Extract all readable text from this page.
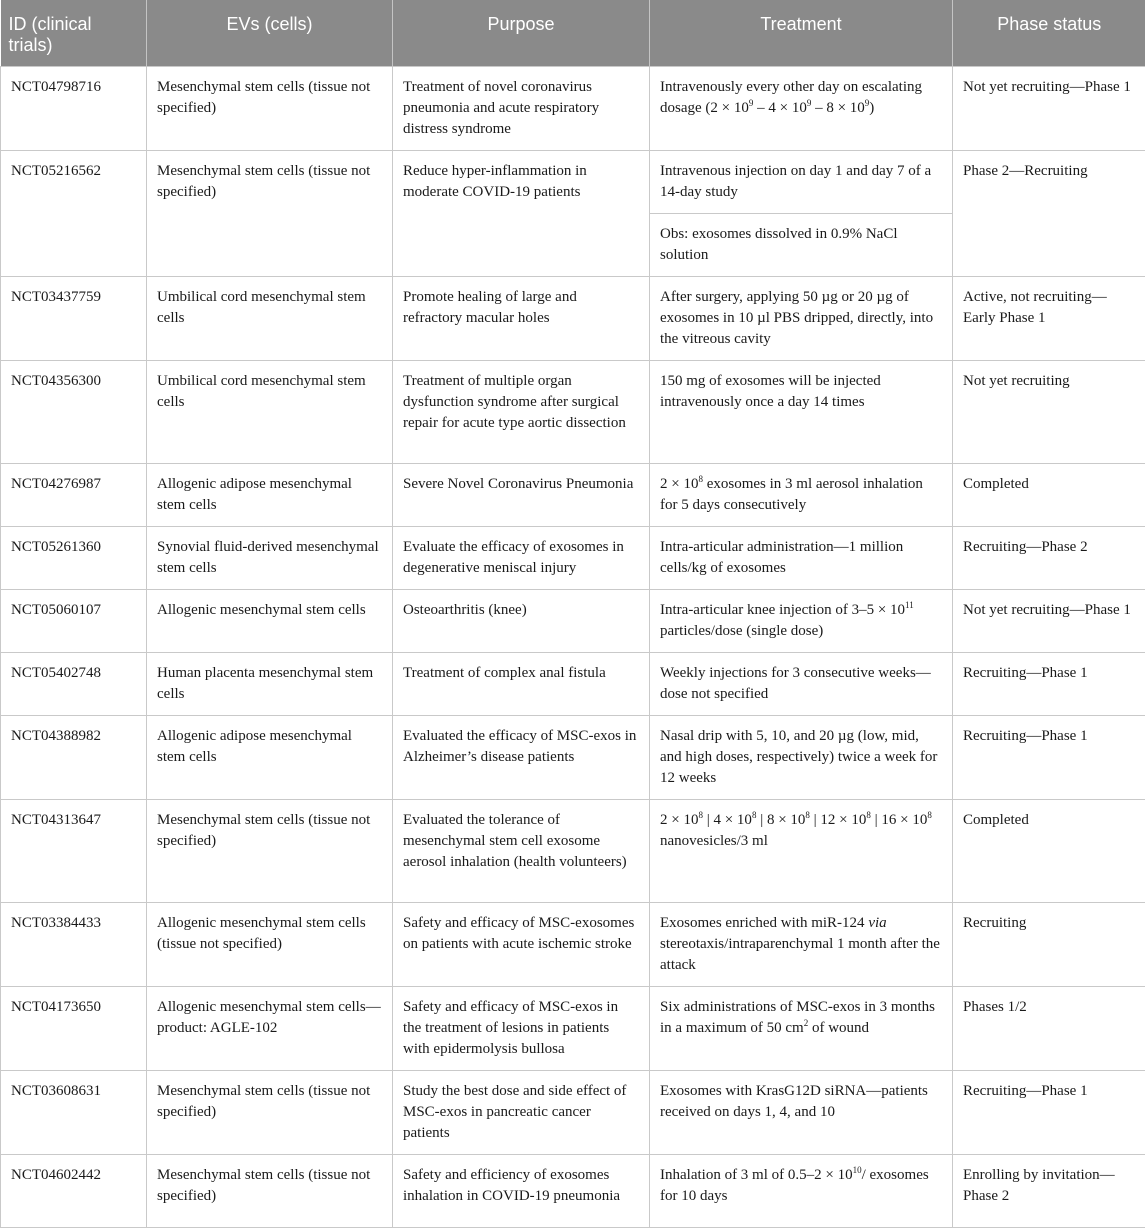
ID (clinical trials)	EVs (cells)	Purpose	Treatment	Phase status
NCT04798716	Mesenchymal stem cells (tissue not specified)	Treatment of novel coronavirus pneumonia and acute respiratory distress syndrome	Intravenously every other day on escalating dosage $(2 \times 10^9 - 4 \times 10^9 - 8 \times 10^9)$	Not yet recruiting—Phase 1
NCT05216562	Mesenchymal stem cells (tissue not specified)	Reduce hyper-inflammation in moderate COVID-19 patients	Intravenous injection on day 1 and day 7 of a 14-day study	Phase 2—Recruiting
			Obs: exosomes dissolved in 0.9% NaCl solution	
NCT03437759	Umbilical cord mesenchymal stem cells	Promote healing of large and refractory macular holes	After surgery, applying 50 µg or 20 µg of exosomes in 10 µl PBS dripped, directly, into the vitreous cavity	Active, not recruiting—Early Phase 1
NCT04356300	Umbilical cord mesenchymal stem cells	Treatment of multiple organ dysfunction syndrome after surgical repair for acute type aortic dissection	150 mg of exosomes will be injected intravenously once a day 14 times	Not yet recruiting
NCT04276987	Allogenic adipose mesenchymal stem cells	Severe Novel Coronavirus Pneumonia	$2 \times 10^8$ exosomes in 3 ml aerosol inhalation for 5 days consecutively	Completed
NCT05261360	Synovial fluid-derived mesenchymal stem cells	Evaluate the efficacy of exosomes in degenerative meniscal injury	Intra-articular administration—1 million cells/kg of exosomes	Recruiting—Phase 2
NCT05060107	Allogenic mesenchymal stem cells	Osteoarthritis (knee)	Intra-articular knee injection of $3-5 \times 10^{11}$ particles/dose (single dose)	Not yet recruiting—Phase 1
NCT05402748	Human placenta mesenchymal stem cells	Treatment of complex anal fistula	Weekly injections for 3 consecutive weeks—dose not specified	Recruiting—Phase 1
NCT04388982	Allogenic adipose mesenchymal stem cells	Evaluated the efficacy of MSC-exos in Alzheimer’s disease patients	Nasal drip with 5, 10, and 20 µg (low, mid, and high doses, respectively) twice a week for 12 weeks	Recruiting—Phase 1
NCT04313647	Mesenchymal stem cells (tissue not specified)	Evaluated the tolerance of mesenchymal stem cell exosome aerosol inhalation (health volunteers)	$2 \times 10^8$ | $4 \times 10^8$ | $8 \times 10^8$ | $12 \times 10^8$ | $16 \times 10^8$ nanovesicles/3 ml	Completed
NCT03384433	Allogenic mesenchymal stem cells (tissue not specified)	Safety and efficacy of MSC-exosomes on patients with acute ischemic stroke	Exosomes enriched with miR-124 via stereotaxis/intraparenchymal 1 month after the attack	Recruiting
NCT04173650	Allogenic mesenchymal stem cells—product: AGLE-102	Safety and efficacy of MSC-exos in the treatment of lesions in patients with epidermolysis bullosa	Six administrations of MSC-exos in 3 months in a maximum of 50 $cm^2$ of wound	Phases 1/2
NCT03608631	Mesenchymal stem cells (tissue not specified)	Study the best dose and side effect of MSC-exos in pancreatic cancer patients	Exosomes with KrasG12D siRNA—patients received on days 1, 4, and 10	Recruiting—Phase 1
NCT04602442	Mesenchymal stem cells (tissue not specified)	Safety and efficiency of exosomes inhalation in COVID-19 pneumonia	Inhalation of 3 ml of $0.5-2 \times 10^{10}/$ exosomes for 10 days	Enrolling by invitation—Phase 2
